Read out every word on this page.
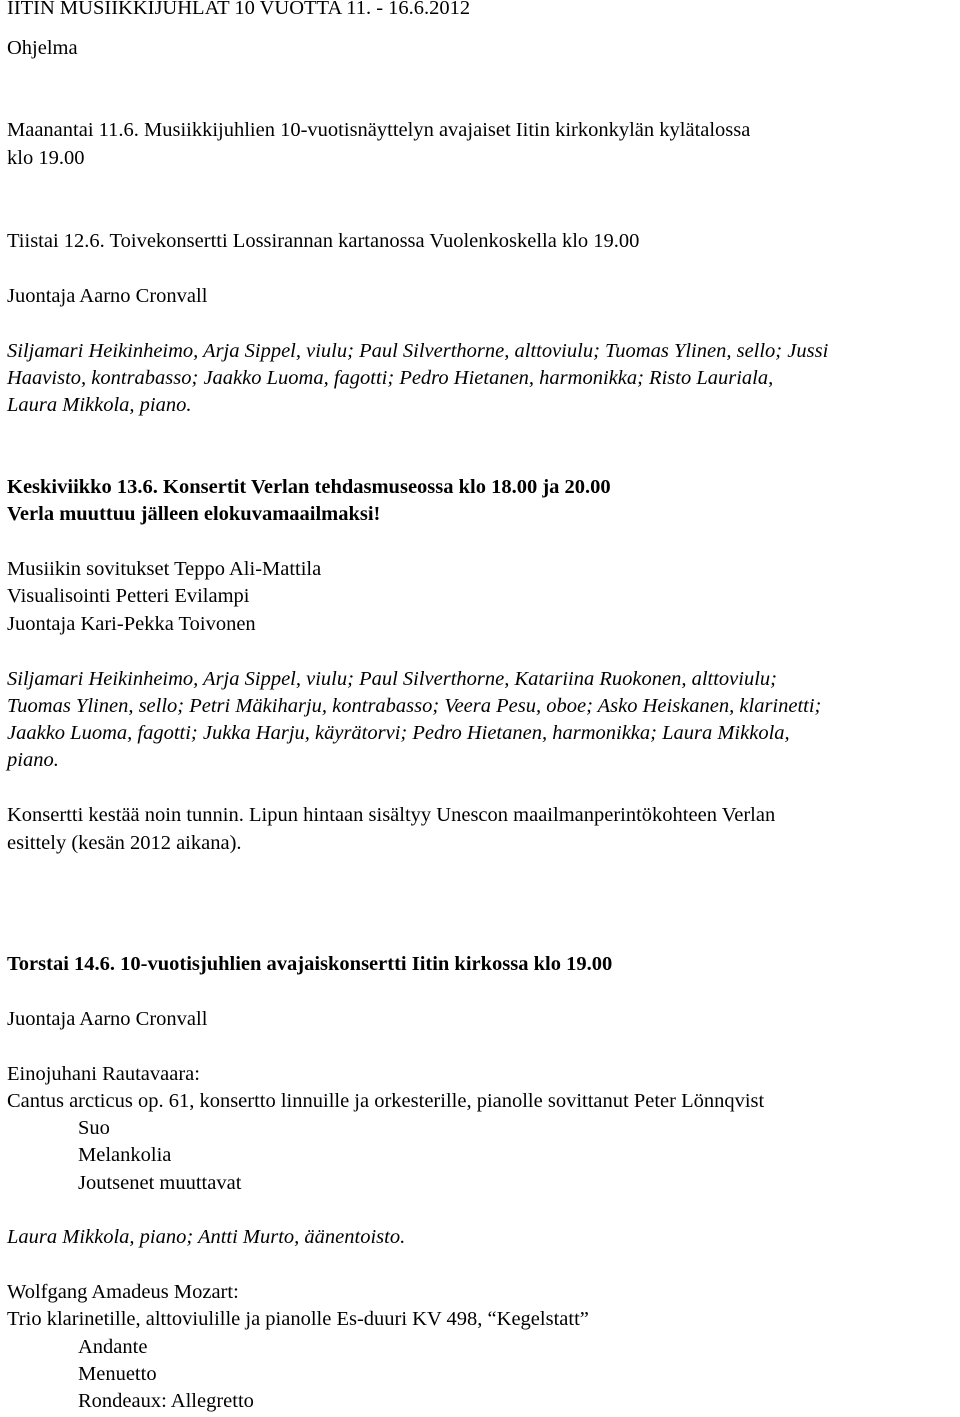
IITIN MUSIIKKIJUHLAT 10 VUOTTA 11. - 16.6.2012
Ohjelma
Maanantai 11.6. Musiikkijuhlien 10-vuotisnäyttelyn avajaiset Iitin kirkonkylän kylätalossa
klo 19.00
Tiistai 12.6. Toivekonsertti Lossirannan kartanossa Vuolenkoskella klo 19.00
Juontaja Aarno Cronvall
Siljamari Heikinheimo, Arja Sippel, viulu; Paul Silverthorne, alttoviulu; Tuomas Ylinen, sello; Jussi
Haavisto, kontrabasso; Jaakko Luoma, fagotti; Pedro Hietanen, harmonikka; Risto Lauriala,
Laura Mikkola, piano.
Keskiviikko 13.6. Konsertit Verlan tehdasmuseossa klo 18.00 ja 20.00
Verla muuttuu jälleen elokuvamaailmaksi!
Musiikin sovitukset Teppo Ali-Mattila
Visualisointi Petteri Evilampi
Juontaja Kari-Pekka Toivonen
Siljamari Heikinheimo, Arja Sippel, viulu; Paul Silverthorne, Katariina Ruokonen, alttoviulu;
Tuomas Ylinen, sello; Petri Mäkiharju, kontrabasso; Veera Pesu, oboe; Asko Heiskanen, klarinetti;
Jaakko Luoma, fagotti; Jukka Harju, käyrätorvi; Pedro Hietanen, harmonikka; Laura Mikkola,
piano.
Konsertti kestää noin tunnin. Lipun hintaan sisältyy Unescon maailmanperintökohteen Verlan
esittely (kesän 2012 aikana).
Torstai 14.6. 10-vuotisjuhlien avajaiskonsertti Iitin kirkossa klo 19.00
Juontaja Aarno Cronvall
Einojuhani Rautavaara:
Cantus arcticus op. 61, konsertto linnuille ja orkesterille, pianolle sovittanut Peter Lönnqvist
Suo
Melankolia
Joutsenet muuttavat
Laura Mikkola, piano; Antti Murto, äänentoisto.
Wolfgang Amadeus Mozart:
Trio klarinetille, alttoviulille ja pianolle Es-duuri KV 498, “Kegelstatt”
Andante
Menuetto
Rondeaux: Allegretto
